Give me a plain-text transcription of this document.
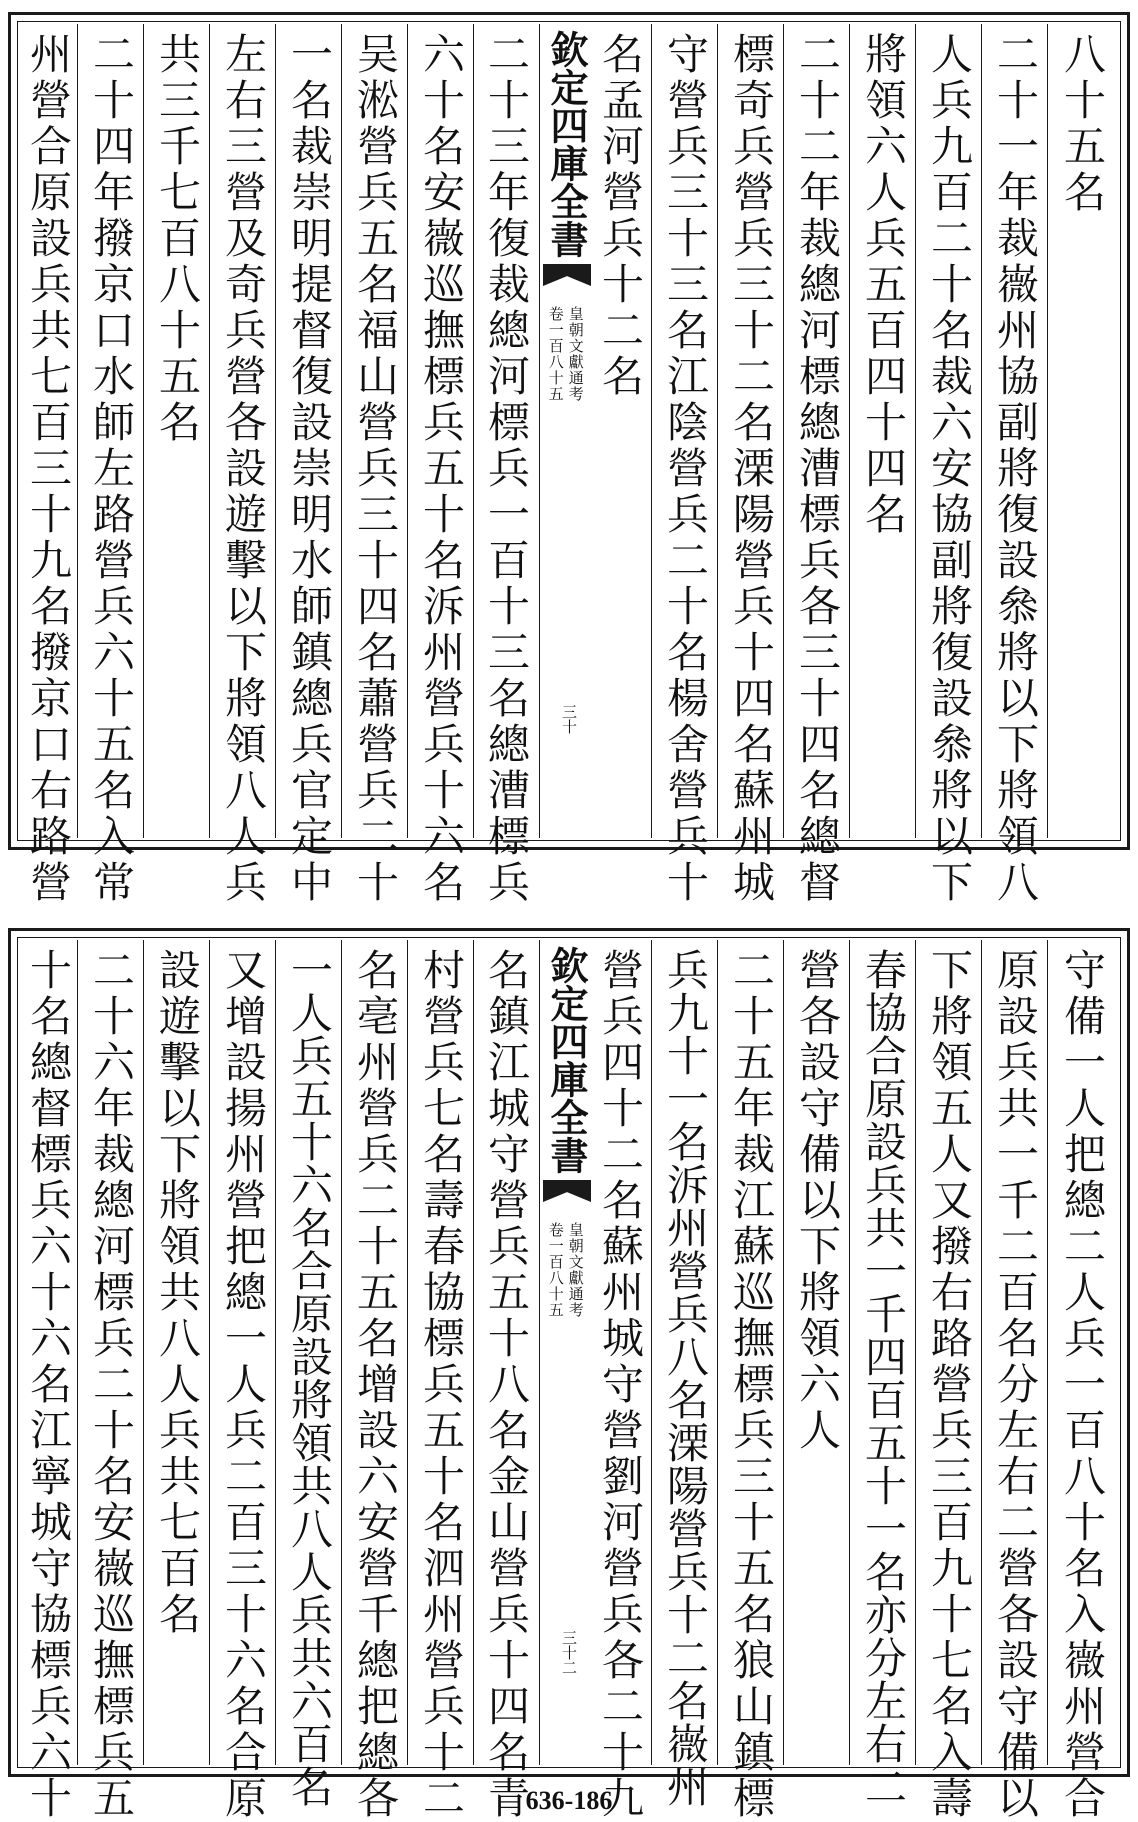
八十五名
二十一年裁嶶州協副將復設叅將以下將領八
人兵九百二十名裁六安協副將復設叅將以下
將領六人兵五百四十四名
二十二年裁總河標總漕標兵各三十四名總督
標奇兵營兵三十二名溧陽營兵十四名蘇州城
守營兵三十三名江陰營兵二十名楊舍營兵十
名孟河營兵十二名
欽定四庫全書
皇朝文獻通考
卷一百八十五
三十
二十三年復裁總河標兵一百十三名總漕標兵
六十名安嶶巡撫標兵五十名泝州營兵十六名
吴淞營兵五名福山營兵三十四名蕭營兵二十
一名裁崇明提督復設崇明水師鎮總兵官定中
左右三營及奇兵營各設遊擊以下將領八人兵
共三千七百八十五名
二十四年撥京口水師左路營兵六十五名入常
州營合原設兵共七百三十九名撥京口右路營
守備一人把總二人兵一百八十名入嶶州營合
原設兵共一千二百名分左右二營各設守備以
下將領五人又撥右路營兵三百九十七名入壽
春協合原設兵共一千四百五十一名亦分左右二
營各設守備以下將領六人
二十五年裁江蘇巡撫標兵三十五名狼山鎮標
兵九十一名泝州營兵八名溧陽營兵十二名嶶州
營兵四十二名蘇州城守營劉河營兵各二十九
欽定四庫全書
皇朝文獻通考
卷一百八十五
三十二
名鎮江城守營兵五十八名金山營兵十四名青
村營兵七名壽春協標兵五十名泗州營兵十二
名亳州營兵二十五名增設六安營千總把總各
一人兵五十六名合原設將領共八人兵共六百名
又增設揚州營把總一人兵二百三十六名合原
設遊擊以下將領共八人兵共七百名
二十六年裁總河標兵二十名安嶶巡撫標兵五
十名總督標兵六十六名江寧城守協標兵六十	636-186
